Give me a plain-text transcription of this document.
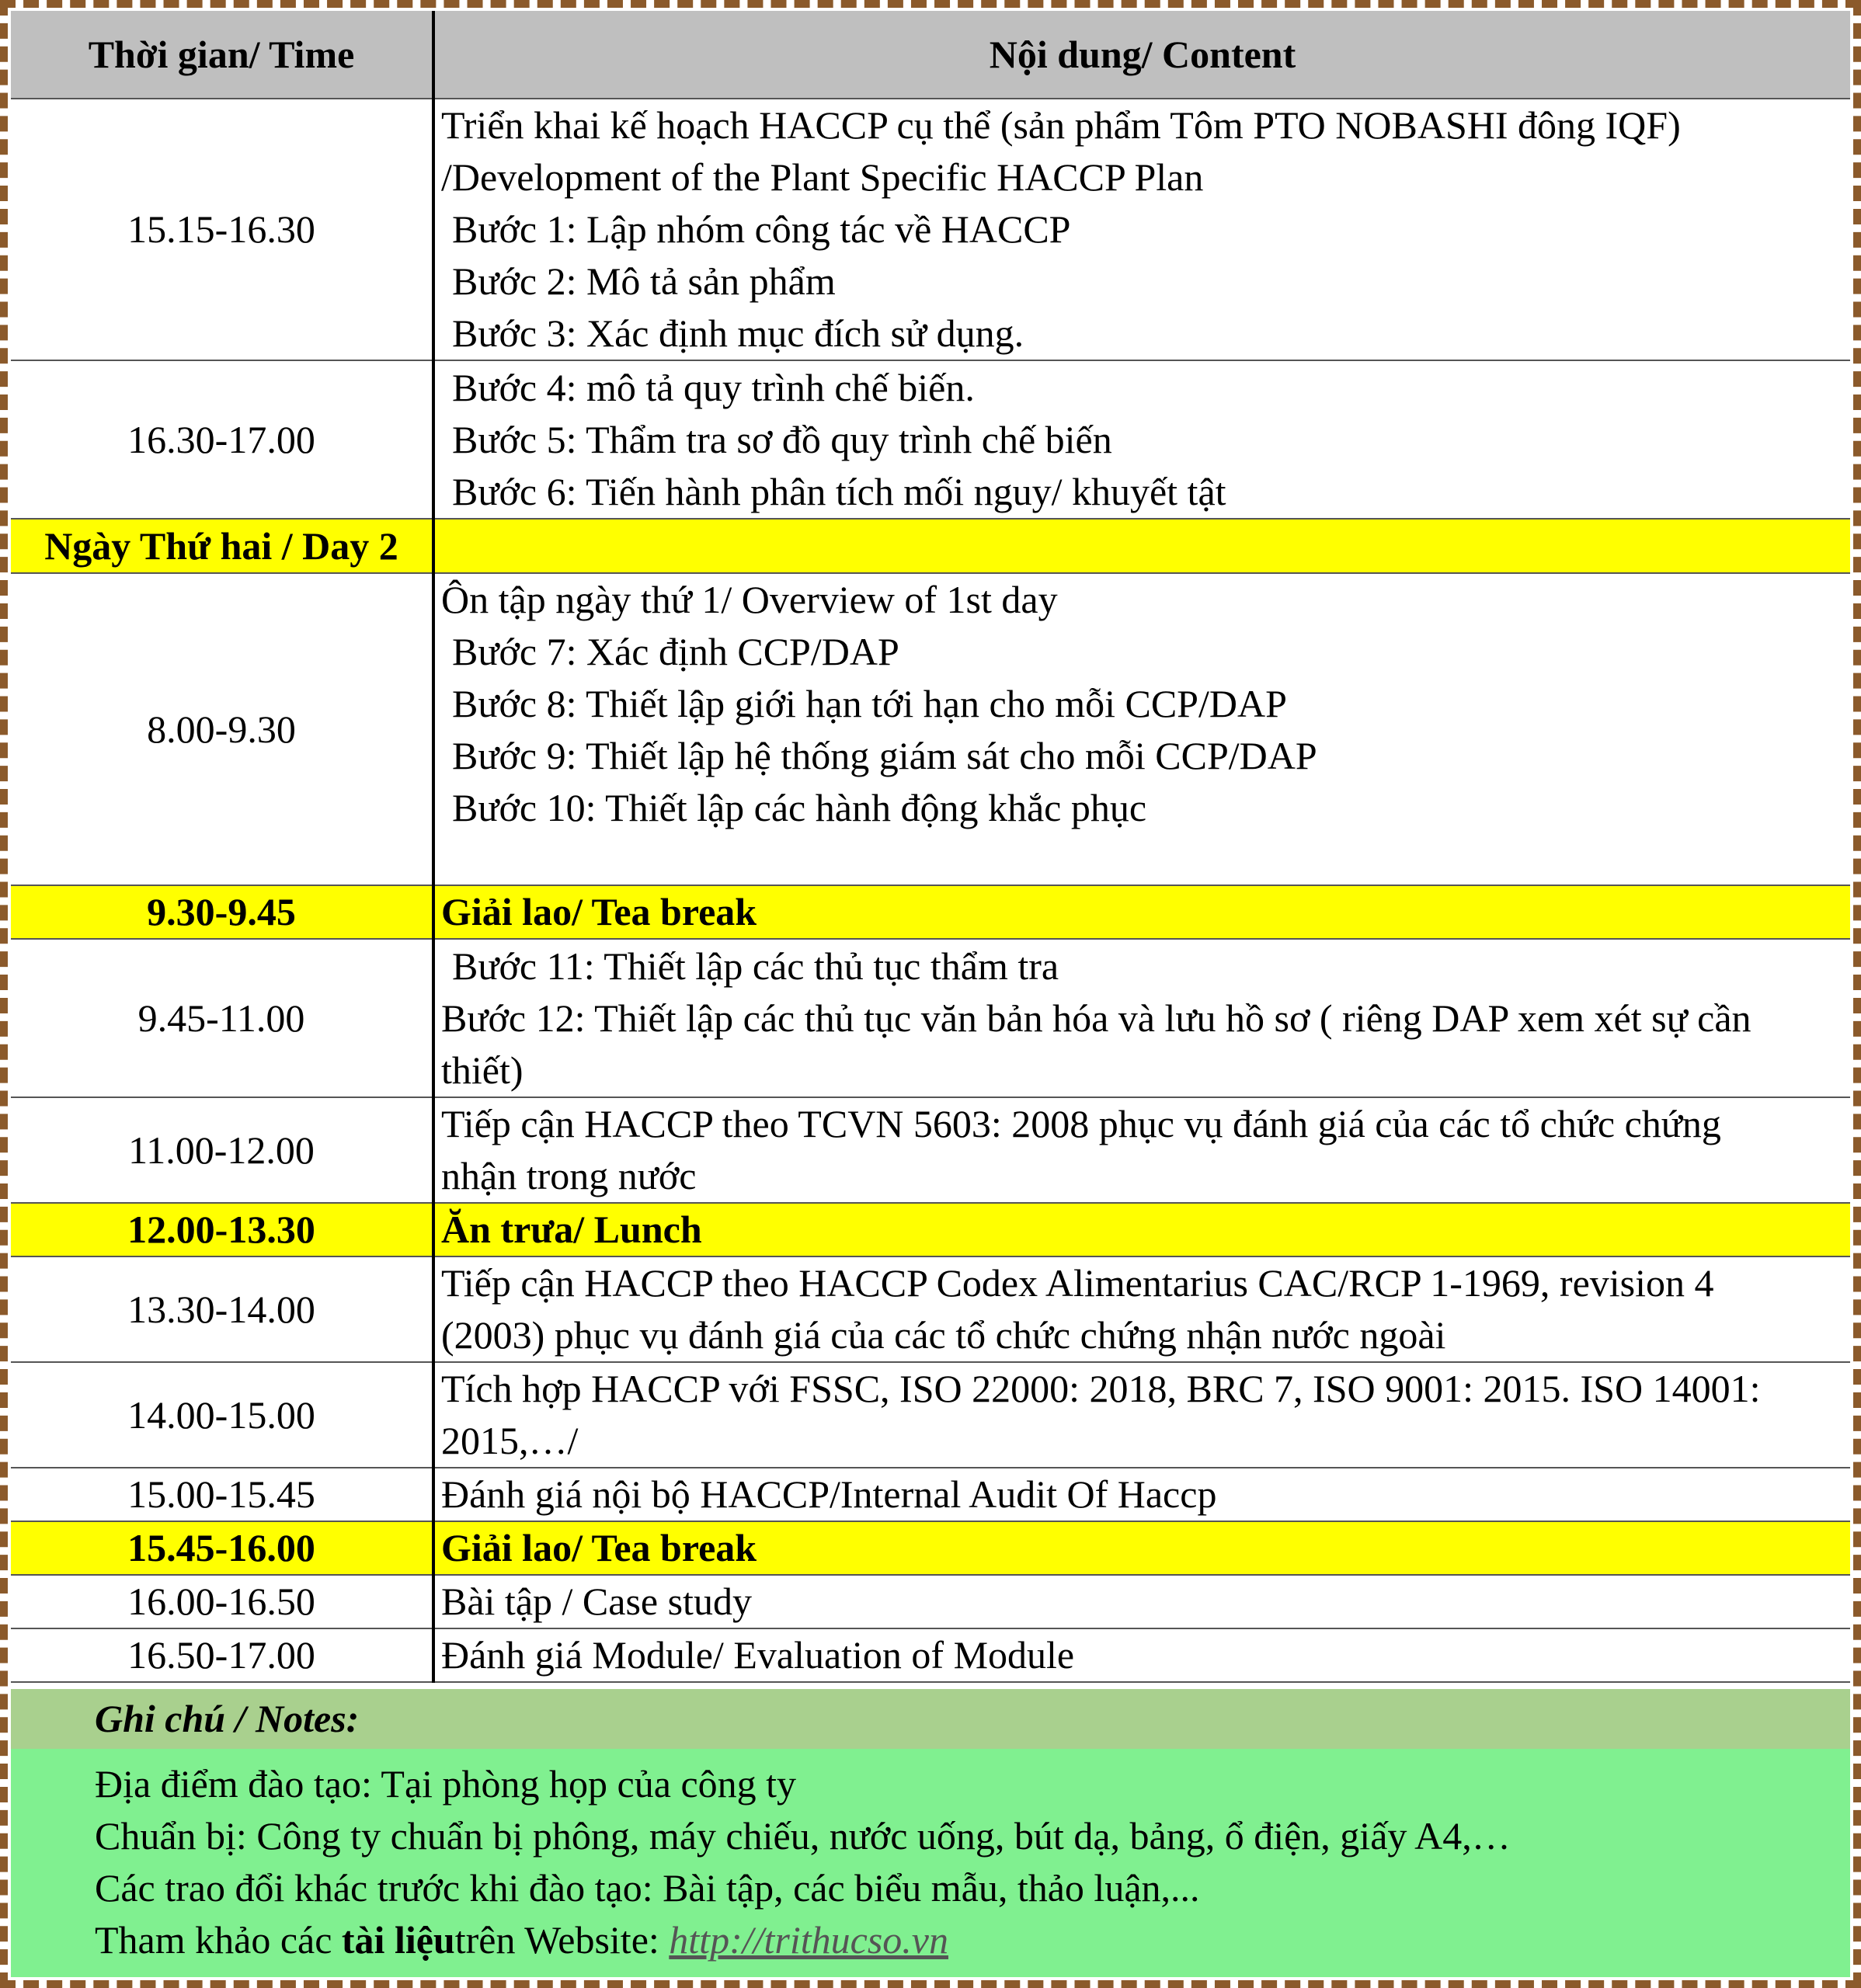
Thời gian/ Time	Nội dung/ Content
15.15-16.30	Triển khai kế hoạch HACCP cụ thể (sản phẩm Tôm PTO NOBASHI đông IQF)
/Development of the Plant Specific HACCP Plan
Bước 1: Lập nhóm công tác về HACCP
Bước 2: Mô tả sản phẩm
Bước 3: Xác định mục đích sử dụng.

16.30-17.00	Bước 4: mô tả quy trình chế biến.
Bước 5: Thẩm tra sơ đồ quy trình chế biến
Bước 6: Tiến hành phân tích mối nguy/ khuyết tật

Ngày Thứ hai / Day 2	
8.00-9.30	Ôn tập ngày thứ 1/ Overview of 1st day
Bước 7: Xác định CCP/DAP
Bước 8: Thiết lập giới hạn tới hạn cho mỗi CCP/DAP
Bước 9: Thiết lập hệ thống giám sát cho mỗi CCP/DAP
Bước 10: Thiết lập các hành động khắc phục

9.30-9.45	Giải lao/ Tea break
9.45-11.00	Bước 11: Thiết lập các thủ tục thẩm tra
Bước 12: Thiết lập các thủ tục văn bản hóa và lưu hồ sơ ( riêng DAP xem xét sự cần
thiết)

11.00-12.00	Tiếp cận HACCP theo TCVN 5603: 2008 phục vụ đánh giá của các tổ chức chứng
nhận trong nước

12.00-13.30	Ăn trưa/ Lunch
13.30-14.00	Tiếp cận HACCP theo HACCP Codex Alimentarius CAC/RCP 1-1969, revision 4
(2003) phục vụ đánh giá của các tổ chức chứng nhận nước ngoài

14.00-15.00	Tích hợp HACCP với FSSC, ISO 22000: 2018, BRC 7, ISO 9001: 2015. ISO 14001:
2015,…/

15.00-15.45	Đánh giá nội bộ HACCP/Internal Audit Of Haccp

15.45-16.00	Giải lao/ Tea break
16.00-16.50	Bài tập / Case study

16.50-17.00	Đánh giá Module/ Evaluation of Module
Ghi chú / Notes:
Địa điểm đào tạo: Tại phòng họp của công ty
Chuẩn bị: Công ty chuẩn bị phông, máy chiếu, nước uống, bút dạ, bảng, ổ điện, giấy A4,…
Các trao đổi khác trước khi đào tạo: Bài tập, các biểu mẫu, thảo luận,...
Tham khảo các tài liệutrên Website: http://trithucso.vn
